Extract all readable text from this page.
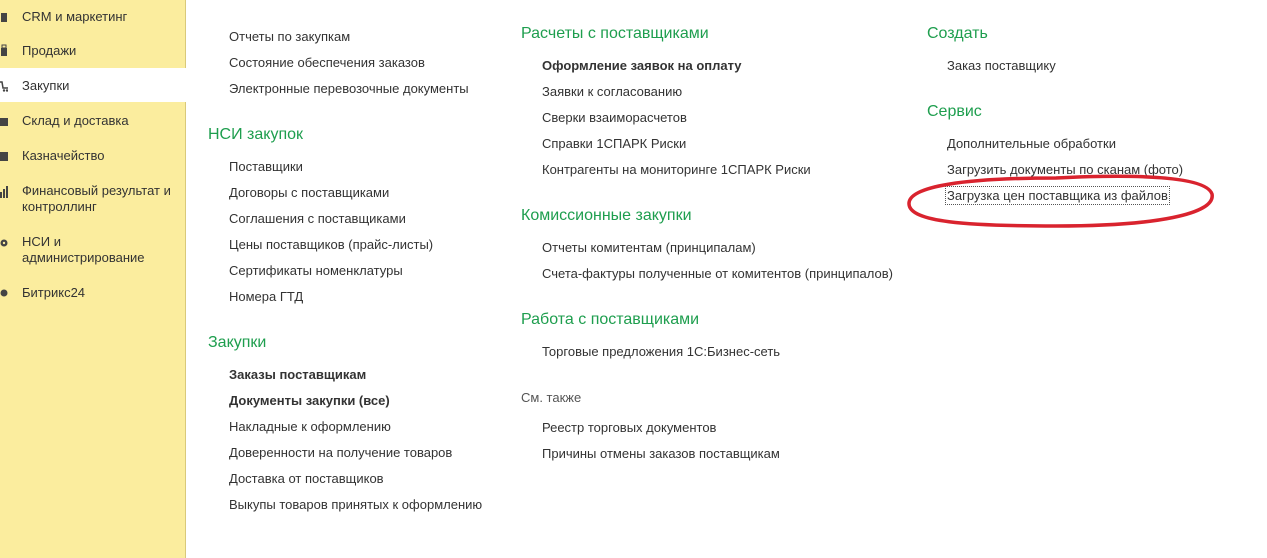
CRM и маркетинг
Продажи
Закупки
Склад и доставка
Казначейство
Финансовый результат и контроллинг
НСИ и администрирование
Битрикс24
Отчеты по закупкам
Состояние обеспечения заказов
Электронные перевозочные документы
НСИ закупок
Поставщики
Договоры с поставщиками
Соглашения с поставщиками
Цены поставщиков (прайс-листы)
Сертификаты номенклатуры
Номера ГТД
Закупки
Заказы поставщикам
Документы закупки (все)
Накладные к оформлению
Доверенности на получение товаров
Доставка от поставщиков
Выкупы товаров принятых к оформлению
Расчеты с поставщиками
Оформление заявок на оплату
Заявки к согласованию
Сверки взаиморасчетов
Справки 1СПАРК Риски
Контрагенты на мониторинге 1СПАРК Риски
Комиссионные закупки
Отчеты комитентам (принципалам)
Счета-фактуры полученные от комитентов (принципалов)
Работа с поставщиками
Торговые предложения 1С:Бизнес-сеть
См. также
Реестр торговых документов
Причины отмены заказов поставщикам
Создать
Заказ поставщику
Сервис
Дополнительные обработки
Загрузить документы по сканам (фото)
Загрузка цен поставщика из файлов
